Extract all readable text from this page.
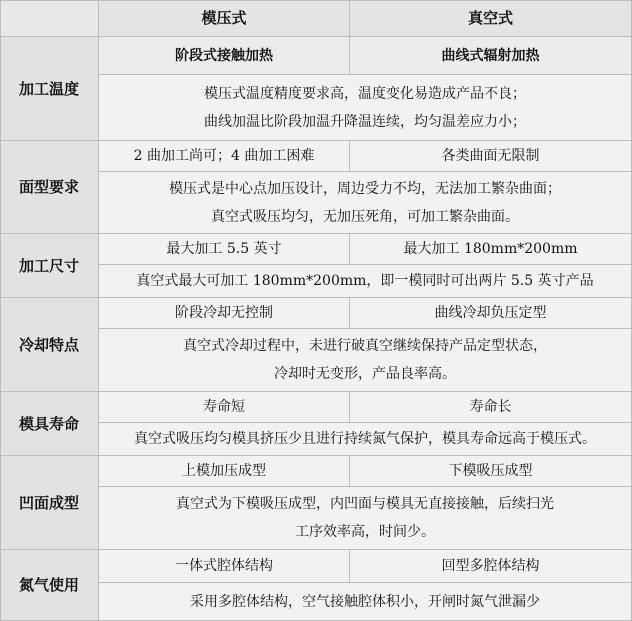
模压式	真空式
加工温度
阶段式接触加热	曲线式辐射加热
模压式温度精度要求高，温度变化易造成产品不良；
曲线加温比阶段加温升降温连续，均匀温差应力小；
面型要求
2 曲加工尚可；4 曲加工困难	各类曲面无限制
模压式是中心点加压设计，周边受力不均，无法加工繁杂曲面；
真空式吸压均匀，无加压死角，可加工繁杂曲面。
加工尺寸
最大加工 5.5 英寸	最大加工 180mm*200mm
真空式最大可加工 180mm*200mm，即一模同时可出两片 5.5 英寸产品
冷却特点
阶段冷却无控制	曲线冷却负压定型
真空式冷却过程中，未进行破真空继续保持产品定型状态，
冷却时无变形，产品良率高。
模具寿命
寿命短	寿命长
真空式吸压均匀模具挤压少且进行持续氮气保护，模具寿命远高于模压式。
凹面成型
上模加压成型	下模吸压成型
真空式为下模吸压成型，内凹面与模具无直接接触，后续扫光
工序效率高，时间少。
氮气使用
一体式腔体结构	回型多腔体结构
采用多腔体结构，空气接触腔体积小，开闸时氮气泄漏少
